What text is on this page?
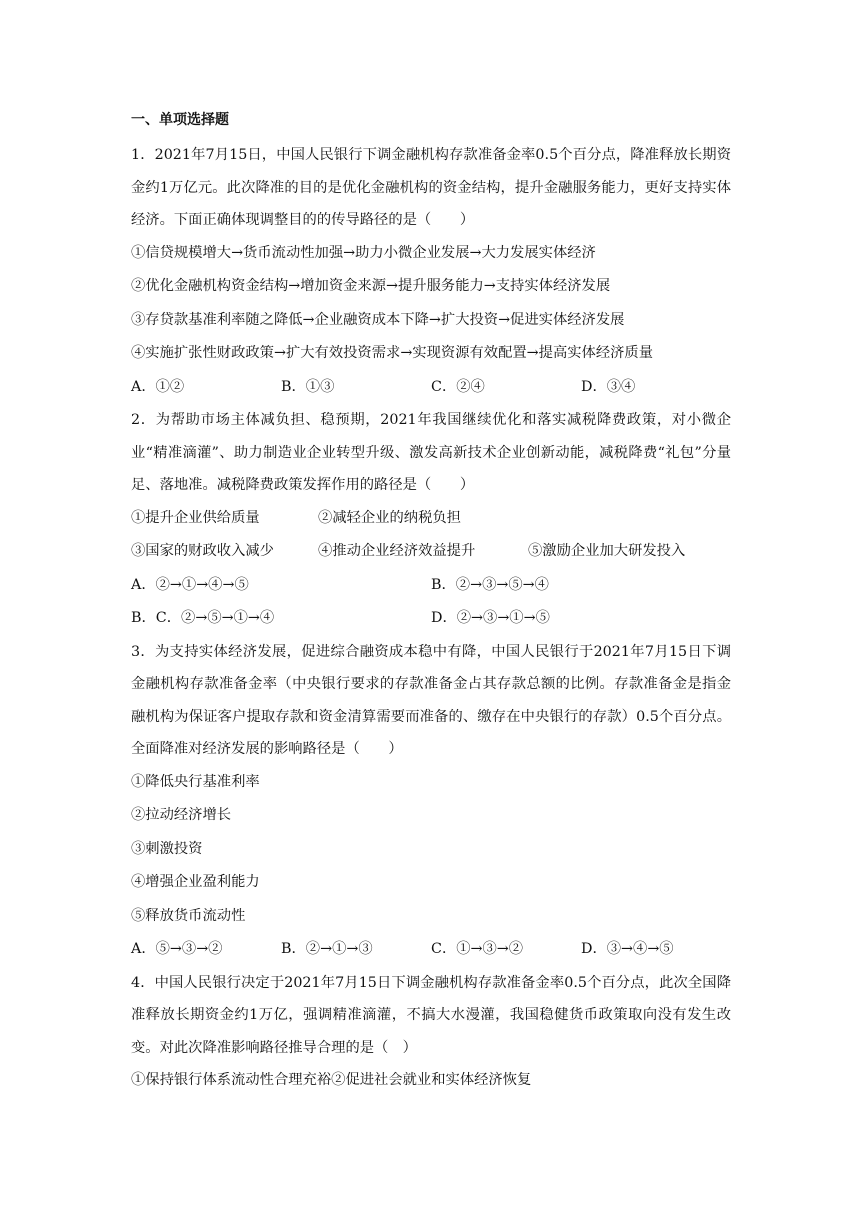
一、单项选择题

1．2021年7月15日，中国人民银行下调金融机构存款准备金率0.5个百分点，降准释放长期资金约1万亿元。此次降准的目的是优化金融机构的资金结构，提升金融服务能力，更好支持实体经济。下面正确体现调整目的的传导路径的是（　　）

①信贷规模增大→货币流动性加强→助力小微企业发展→大力发展实体经济

②优化金融机构资金结构→增加资金来源→提升服务能力→支持实体经济发展

③存贷款基准利率随之降低→企业融资成本下降→扩大投资→促进实体经济发展

④实施扩张性财政政策→扩大有效投资需求→实现资源有效配置→提高实体经济质量

A．①②	B．①③	C．②④	D．③④

2．为帮助市场主体减负担、稳预期，2021年我国继续优化和落实减税降费政策，对小微企业“精准滴灌”、助力制造业企业转型升级、激发高新技术企业创新动能，减税降费“礼包”分量足、落地准。减税降费政策发挥作用的路径是（　　）

①提升企业供给质量	②减轻企业的纳税负担
③国家的财政收入减少	④推动企业经济效益提升	⑤激励企业加大研发投入
A．②→①→④→⑤	B．②→③→⑤→④
B．C．②→⑤→①→④	D．②→③→①→⑤

3．为支持实体经济发展，促进综合融资成本稳中有降，中国人民银行于2021年7月15日下调金融机构存款准备金率（中央银行要求的存款准备金占其存款总额的比例。存款准备金是指金融机构为保证客户提取存款和资金清算需要而准备的、缴存在中央银行的存款）0.5个百分点。全面降准对经济发展的影响路径是（　　）

①降低央行基准利率

②拉动经济增长

③刺激投资

④增强企业盈利能力

⑤释放货币流动性

A．⑤→③→②	B．②→①→③	C．①→③→②	D．③→④→⑤

4．中国人民银行决定于2021年7月15日下调金融机构存款准备金率0.5个百分点，此次全国降准释放长期资金约1万亿，强调精准滴灌，不搞大水漫灌，我国稳健货币政策取向没有发生改变。对此次降准影响路径推导合理的是（　）

①保持银行体系流动性合理充裕②促进社会就业和实体经济恢复
